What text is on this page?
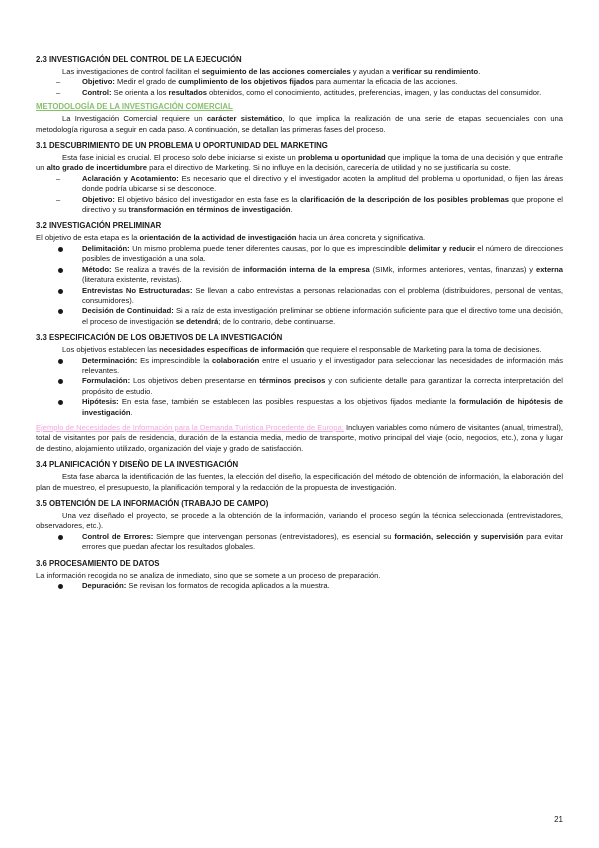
2.3 INVESTIGACIÓN DEL CONTROL DE LA EJECUCIÓN

Las investigaciones de control facilitan el seguimiento de las acciones comerciales y ayudan a verificar su rendimiento.

–	Objetivo: Medir el grado de cumplimiento de los objetivos fijados para aumentar la eficacia de las acciones.
–	Control: Se orienta a los resultados obtenidos, como el conocimiento, actitudes, preferencias, imagen, y las conductas del consumidor.
METODOLOGÍA DE LA INVESTIGACIÓN COMERCIAL

La Investigación Comercial requiere un carácter sistemático, lo que implica la realización de una serie de etapas secuenciales con una metodología rigurosa a seguir en cada paso. A continuación, se detallan las primeras fases del proceso.

3.1 DESCUBRIMIENTO DE UN PROBLEMA U OPORTUNIDAD DEL MARKETING

Esta fase inicial es crucial. El proceso solo debe iniciarse si existe un problema u oportunidad que implique la toma de una decisión y que entrañe un alto grado de incertidumbre para el directivo de Marketing. Si no influye en la decisión, carecería de utilidad y no se justificaría su coste.

–	Aclaración y Acotamiento: Es necesario que el directivo y el investigador acoten la amplitud del problema u oportunidad, o fijen las áreas donde podría ubicarse si se desconoce.
–	Objetivo: El objetivo básico del investigador en esta fase es la clarificación de la descripción de los posibles problemas que propone el directivo y su transformación en términos de investigación.
3.2 INVESTIGACIÓN PRELIMINAR

El objetivo de esta etapa es la orientación de la actividad de investigación hacia un área concreta y significativa.

Delimitación: Un mismo problema puede tener diferentes causas, por lo que es imprescindible delimitar y reducir el número de direcciones posibles de investigación a una sola.
Método: Se realiza a través de la revisión de información interna de la empresa (SIMk, informes anteriores, ventas, finanzas) y externa (literatura existente, revistas).
Entrevistas No Estructuradas: Se llevan a cabo entrevistas a personas relacionadas con el problema (distribuidores, personal de ventas, consumidores).
Decisión de Continuidad: Si a raíz de esta investigación preliminar se obtiene información suficiente para que el directivo tome una decisión, el proceso de investigación se detendrá; de lo contrario, debe continuarse.
3.3 ESPECIFICACIÓN DE LOS OBJETIVOS DE LA INVESTIGACIÓN

Los objetivos establecen las necesidades específicas de información que requiere el responsable de Marketing para la toma de decisiones.

Determinación: Es imprescindible la colaboración entre el usuario y el investigador para seleccionar las necesidades de información más relevantes.
Formulación: Los objetivos deben presentarse en términos precisos y con suficiente detalle para garantizar la correcta interpretación del propósito de estudio.
Hipótesis: En esta fase, también se establecen las posibles respuestas a los objetivos fijados mediante la formulación de hipótesis de investigación.

Ejemplo de Necesidades de Información para la Demanda Turística Procedente de Europa: Incluyen variables como número de visitantes (anual, trimestral), total de visitantes por país de residencia, duración de la estancia media, medio de transporte, motivo principal del viaje (ocio, negocios, etc.), zona y lugar de destino, alojamiento utilizado, organización del viaje y grado de satisfacción.

3.4 PLANIFICACIÓN Y DISEÑO DE LA INVESTIGACIÓN

Esta fase abarca la identificación de las fuentes, la elección del diseño, la especificación del método de obtención de información, la elaboración del plan de muestreo, el presupuesto, la planificación temporal y la redacción de la propuesta de investigación.

3.5 OBTENCIÓN DE LA INFORMACIÓN (TRABAJO DE CAMPO)

Una vez diseñado el proyecto, se procede a la obtención de la información, variando el proceso según la técnica seleccionada (entrevistadores, observadores, etc.).

Control de Errores: Siempre que intervengan personas (entrevistadores), es esencial su formación, selección y supervisión para evitar errores que puedan afectar los resultados globales.
3.6 PROCESAMIENTO DE DATOS

La información recogida no se analiza de inmediato, sino que se somete a un proceso de preparación.

Depuración: Se revisan los formatos de recogida aplicados a la muestra.
21
